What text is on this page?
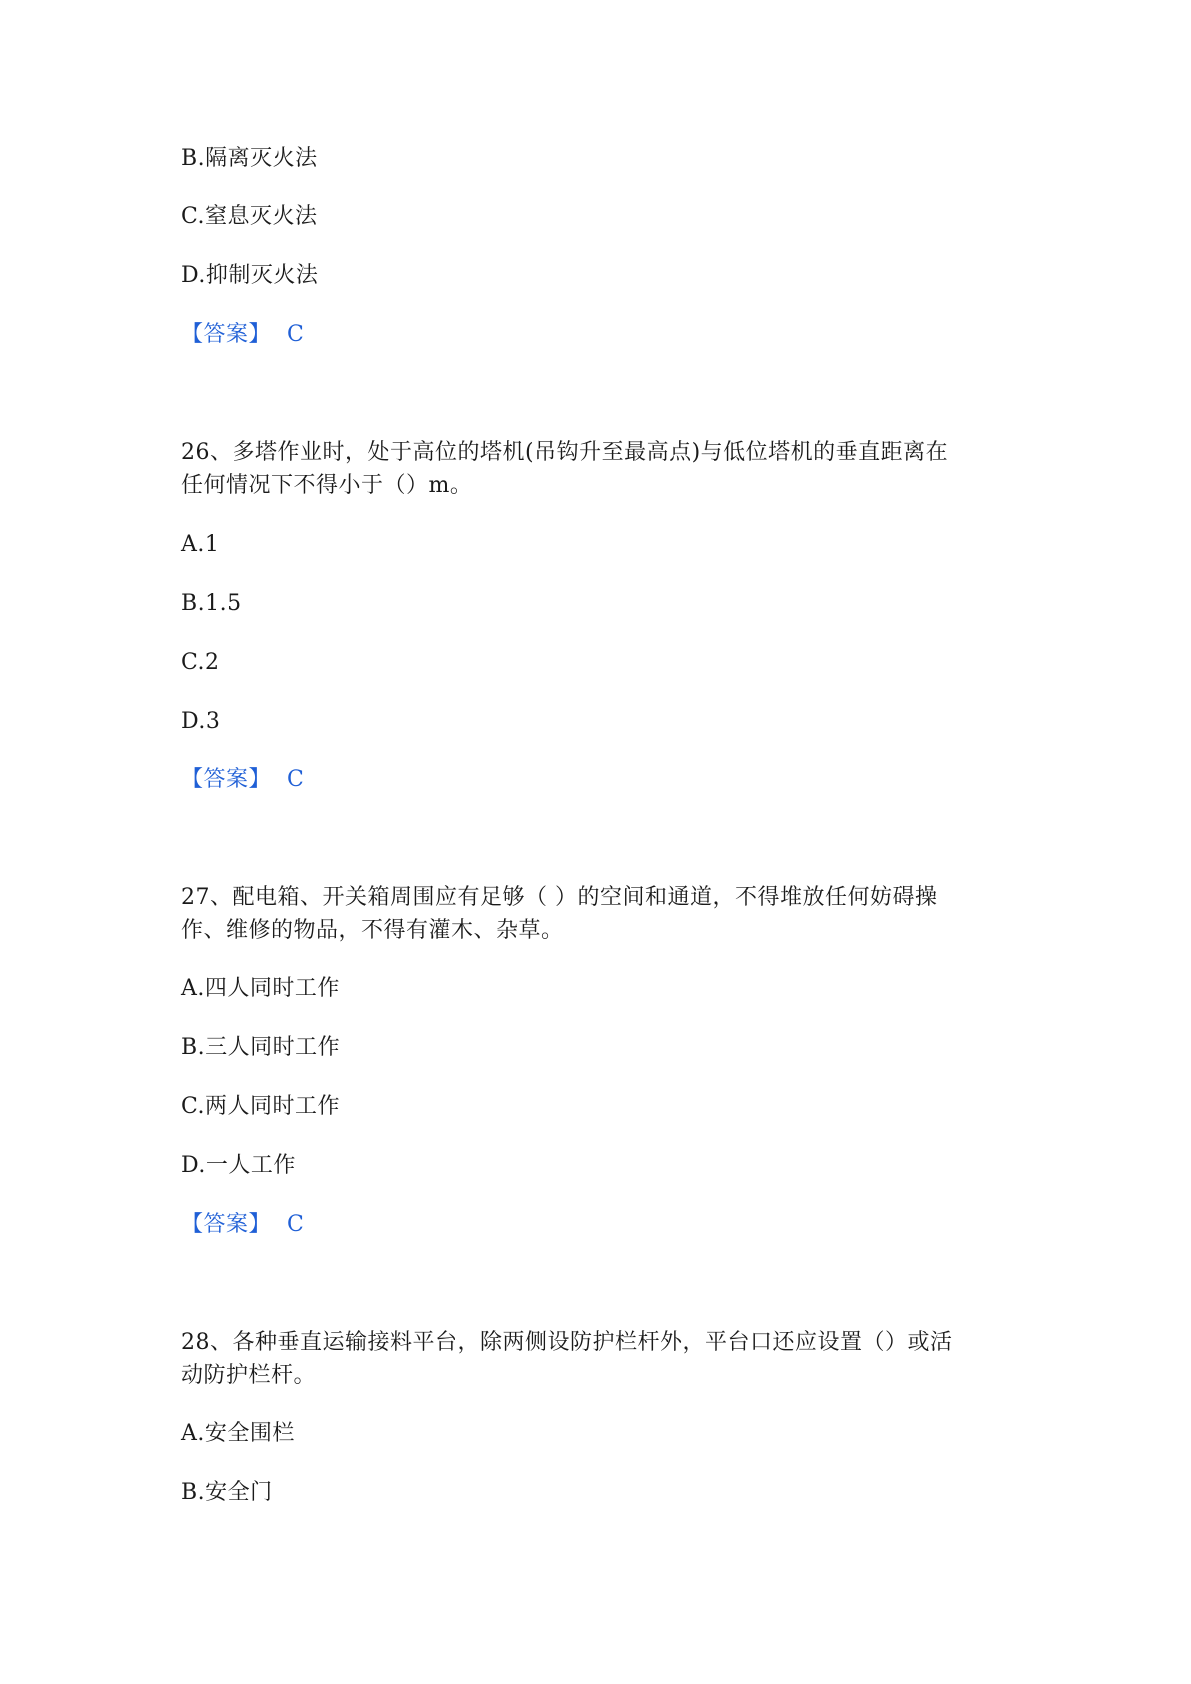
B.隔离灭火法
C.窒息灭火法
D.抑制灭火法
【答案】 C
26、多塔作业时，处于高位的塔机(吊钩升至最高点)与低位塔机的垂直距离在
任何情况下不得小于（）m。
A.1
B.1.5
C.2
D.3
【答案】 C
27、配电箱、开关箱周围应有足够（ ）的空间和通道，不得堆放任何妨碍操
作、维修的物品，不得有灌木、杂草。
A.四人同时工作
B.三人同时工作
C.两人同时工作
D.一人工作
【答案】 C
28、各种垂直运输接料平台，除两侧设防护栏杆外，平台口还应设置（）或活
动防护栏杆。
A.安全围栏
B.安全门
